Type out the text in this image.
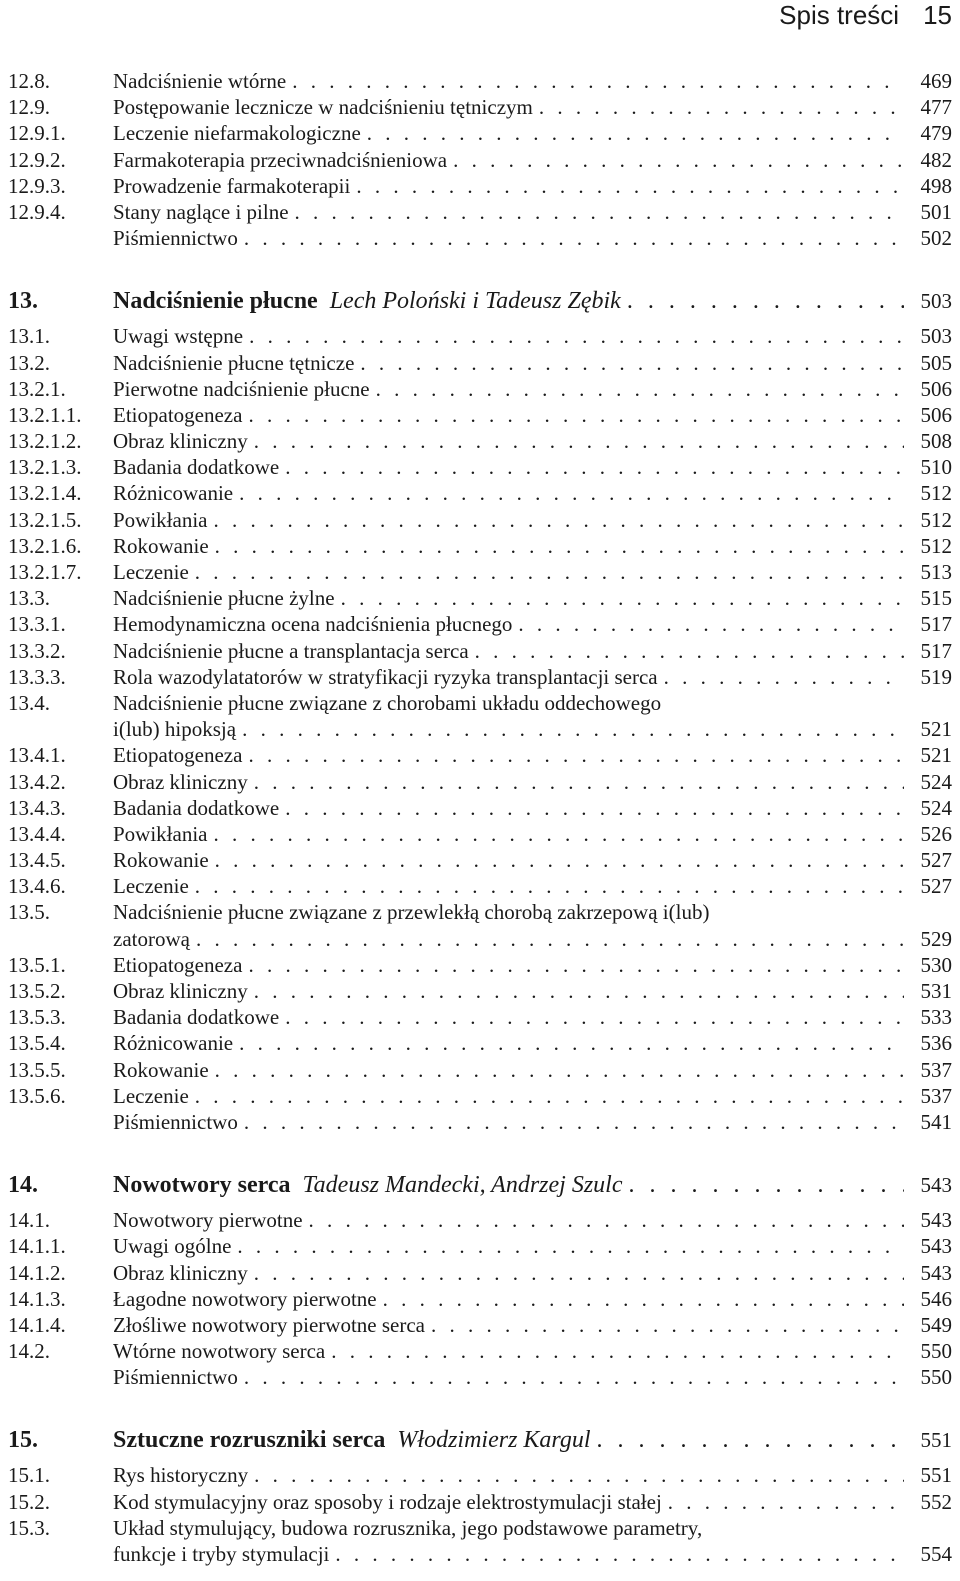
Spis treści 15
12.8.	Nadciśnienie wtórne . . .	469
12.9.	Postępowanie lecznicze w nadciśnieniu tętniczym . . .	477
12.9.1. Leczenie niefarmakologiczne . . .	479
12.9.2. Farmakoterapia przeciwnadciśnieniowa . . .	482
12.9.3. Prowadzenie farmakoterapii . . .	498
12.9.4. Stany naglące i pilne . . .	501
Piśmiennictwo . . .	502
13.	Nadciśnienie płucne Lech Poloński i Tadeusz Zębik . . .	503
13.1.	Uwagi wstępne . . .	503
13.2.	Nadciśnienie płucne tętnicze . . .	505
13.2.1. Pierwotne nadciśnienie płucne . . .	506
13.2.1.1. Etiopatogeneza . . .	506
13.2.1.2. Obraz kliniczny . . .	508
13.2.1.3. Badania dodatkowe . . .	510
13.2.1.4. Różnicowanie . . .	512
13.2.1.5. Powikłania . . .	512
13.2.1.6. Rokowanie . . .	512
13.2.1.7. Leczenie . . .	513
13.3.	Nadciśnienie płucne żylne . . .	515
13.3.1. Hemodynamiczna ocena nadciśnienia płucnego . . .	517
13.3.2. Nadciśnienie płucne a transplantacja serca . . .	517
13.3.3. Rola wazodylatatorów w stratyfikacji ryzyka transplantacji serca . . .	519
13.4.	Nadciśnienie płucne związane z chorobami układu oddechowego
i(lub) hipoksją . . .	521
13.4.1. Etiopatogeneza . . .	521
13.4.2. Obraz kliniczny . . .	524
13.4.3. Badania dodatkowe . . .	524
13.4.4. Powikłania . . .	526
13.4.5. Rokowanie . . .	527
13.4.6. Leczenie . . .	527
13.5.	Nadciśnienie płucne związane z przewlekłą chorobą zakrzepową i(lub)
zatorową . . .	529
13.5.1. Etiopatogeneza . . .	530
13.5.2. Obraz kliniczny . . .	531
13.5.3. Badania dodatkowe . . .	533
13.5.4. Różnicowanie . . .	536
13.5.5. Rokowanie . . .	537
13.5.6. Leczenie . . .	537
Piśmiennictwo . . .	541
14.	Nowotwory serca Tadeusz Mandecki, Andrzej Szulc . . .	543
14.1.	Nowotwory pierwotne . . .	543
14.1.1. Uwagi ogólne . . .	543
14.1.2. Obraz kliniczny . . .	543
14.1.3. Łagodne nowotwory pierwotne . . .	546
14.1.4. Złośliwe nowotwory pierwotne serca . . .	549
14.2.	Wtórne nowotwory serca . . .	550
Piśmiennictwo . . .	550
15.	Sztuczne rozruszniki serca Włodzimierz Kargul . . .	551
15.1.	Rys historyczny . . .	551
15.2.	Kod stymulacyjny oraz sposoby i rodzaje elektrostymulacji stałej . . .	552
15.3.	Układ stymulujący, budowa rozrusznika, jego podstawowe parametry,
funkcje i tryby stymulacji . . .	554
